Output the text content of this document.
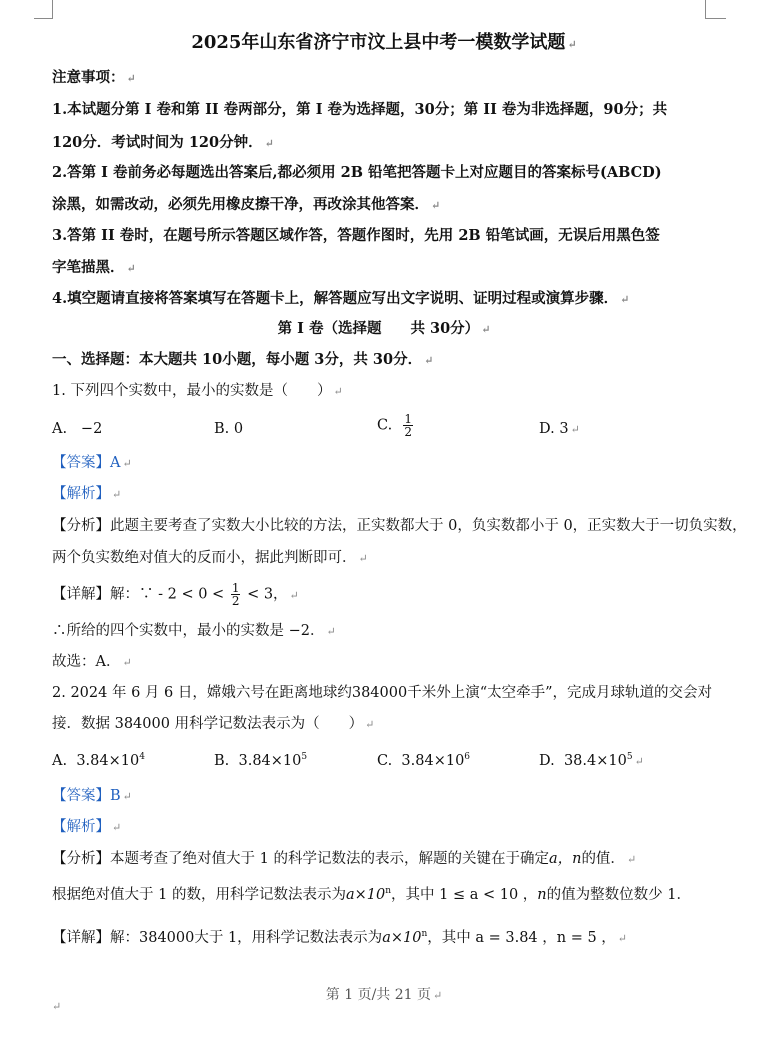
2025年山东省济宁市汶上县中考一模数学试题 ↵
注意事项： ↵
1.本试题分第 I 卷和第 II 卷两部分，第 I 卷为选择题，30分；第 II 卷为非选择题，90分；共
120分．考试时间为 120分钟． ↵
2.答第 I 卷前务必每题选出答案后,都必须用 2B 铅笔把答题卡上对应题目的答案标号(ABCD)
涂黑，如需改动，必须先用橡皮擦干净，再改涂其他答案． ↵
3.答第 II 卷时，在题号所示答题区域作答，答题作图时，先用 2B 铅笔试画，无误后用黑色签
字笔描黑． ↵
4.填空题请直接将答案填写在答题卡上，解答题应写出文字说明、证明过程或演算步骤． ↵
第 I 卷（选择题　　共 30分） ↵
一、选择题：本大题共 10小题，每小题 3分，共 30分． ↵
1. 下列四个实数中，最小的实数是（　　） ↵
A. −2	B. 0	C. $\frac{1}{2}$	D. 3 ↵
【答案】A ↵
【解析】 ↵
【分析】此题主要考查了实数大小比较的方法，正实数都大于 0，负实数都小于 0，正实数大于一切负实数，
两个负实数绝对值大的反而小，据此判断即可． ↵
【详解】解：∵ - $2 < 0 < \frac{1}{2} < 3$， ↵
∴所给的四个实数中，最小的实数是 −2． ↵
故选：A． ↵
2. 2024 年 6 月 6 日，嫦娥六号在距离地球约384000千米外上演“太空牵手”，完成月球轨道的交会对
接．数据 384000 用科学记数法表示为（　　） ↵
A. $3.84\times 10^4$	B. $3.84\times 10^5$	C. $3.84\times 10^6$	D. $38.4\times 10^5$ ↵
【答案】B ↵
【解析】 ↵
【分析】本题考查了绝对值大于 1 的科学记数法的表示，解题的关键在于确定a，n的值． ↵
根据绝对值大于 1 的数，用科学记数法表示为$a\times 10^n$，其中 1 ≤ a < 10 ，n的值为整数位数少 1．
【详解】解：384000大于 1，用科学记数法表示为$a\times 10^n$，其中 a = 3.84 ，n = 5 ， ↵
第 1 页/共 21 页 ↵
↵
